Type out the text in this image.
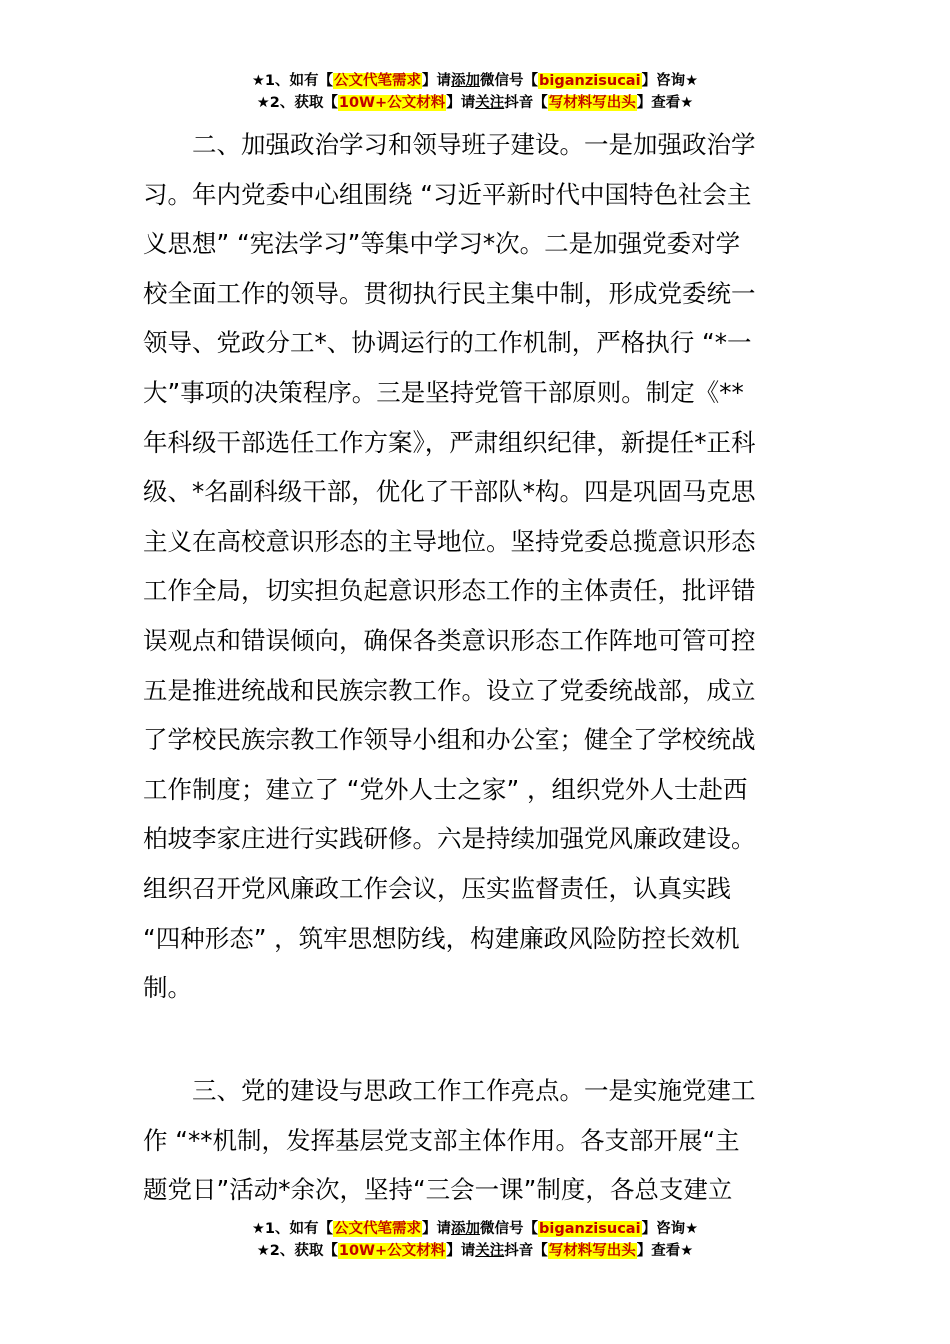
★1、如有【公文代笔需求】请添加微信号【biganzisucai】咨询★
★2、获取【10W+公文材料】请关注抖音【写材料写出头】查看★
二、加强政治学习和领导班子建设。一是加强政治学
习。年内党委中心组围绕 “习近平新时代中国特色社会主
义思想” “宪法学习”等集中学习*次。二是加强党委对学
校全面工作的领导。贯彻执行民主集中制，形成党委统一
领导、党政分工*、协调运行的工作机制，严格执行 “*一
大”事项的决策程序。三是坚持党管干部原则。制定《**
年科级干部选任工作方案》，严肃组织纪律，新提任*正科
级、*名副科级干部，优化了干部队*构。四是巩固马克思
主义在高校意识形态的主导地位。坚持党委总揽意识形态
工作全局，切实担负起意识形态工作的主体责任，批评错
误观点和错误倾向，确保各类意识形态工作阵地可管可控
五是推进统战和民族宗教工作。设立了党委统战部，成立
了学校民族宗教工作领导小组和办公室；健全了学校统战
工作制度；建立了 “党外人士之家” ，组织党外人士赴西
柏坡李家庄进行实践研修。六是持续加强党风廉政建设。
组织召开党风廉政工作会议，压实监督责任，认真实践
“四种形态” ，筑牢思想防线，构建廉政风险防控长效机
制。
三、党的建设与思政工作工作亮点。一是实施党建工
作 “**机制，发挥基层党支部主体作用。各支部开展“主
题党日”活动*余次，坚持“三会一课”制度，各总支建立
★1、如有【公文代笔需求】请添加微信号【biganzisucai】咨询★
★2、获取【10W+公文材料】请关注抖音【写材料写出头】查看★
